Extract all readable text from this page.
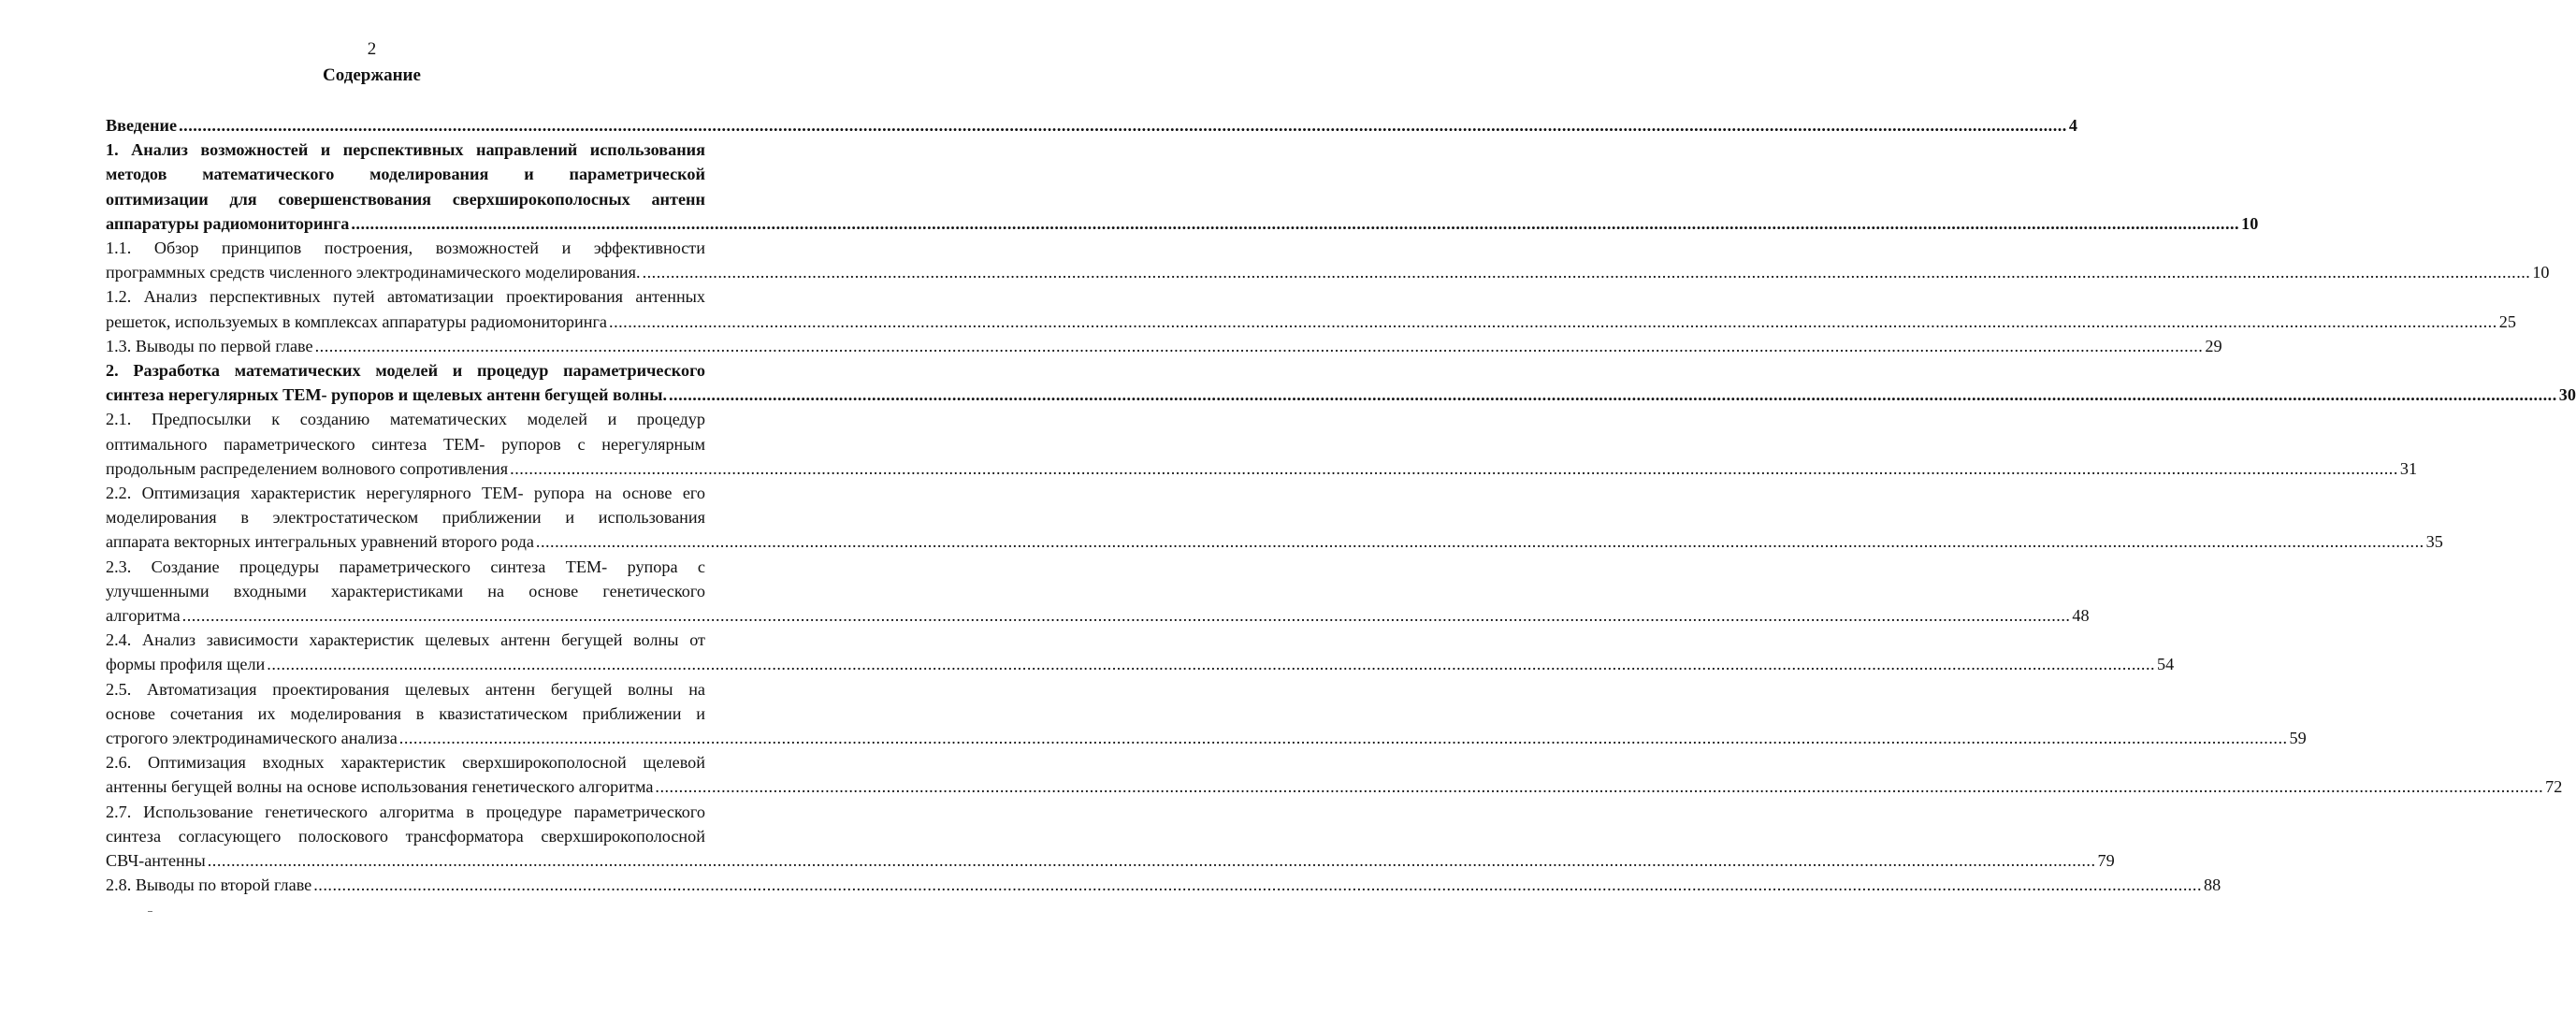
2
Содержание
Введение ................................................................................................................................................................................................................................................................................................................................................................................................................ 4
1. Анализ возможностей и перспективных направлений использования
методов математического моделирования и параметрической
оптимизации для совершенствования сверхширокополосных антенн
аппаратуры радиомониторинга ................................................................................................................................................................................................................................................................................................................................................................................................................ 10
1.1. Обзор принципов построения, возможностей и эффективности
программных средств численного электродинамического моделирования. ................................................................................................................................................................................................................................................................................................................................................................................................................ 10
1.2. Анализ перспективных путей автоматизации проектирования антенных
решеток, используемых в комплексах аппаратуры радиомониторинга ................................................................................................................................................................................................................................................................................................................................................................................................................ 25
1.3. Выводы по первой главе ................................................................................................................................................................................................................................................................................................................................................................................................................ 29
2. Разработка математических моделей и процедур параметрического
синтеза нерегулярных ТЕМ- рупоров и щелевых антенн бегущей волны. ................................................................................................................................................................................................................................................................................................................................................................................................................ 30
2.1. Предпосылки к созданию математических моделей и процедур
оптимального параметрического синтеза ТЕМ- рупоров с нерегулярным
продольным распределением волнового сопротивления ................................................................................................................................................................................................................................................................................................................................................................................................................ 31
2.2. Оптимизация характеристик нерегулярного ТЕМ- рупора на основе его
моделирования в электростатическом приближении и использования
аппарата векторных интегральных уравнений второго рода ................................................................................................................................................................................................................................................................................................................................................................................................................ 35
2.3. Создание процедуры параметрического синтеза ТЕМ- рупора с
улучшенными входными характеристиками на основе генетического
алгоритма ................................................................................................................................................................................................................................................................................................................................................................................................................ 48
2.4. Анализ зависимости характеристик щелевых антенн бегущей волны от
формы профиля щели ................................................................................................................................................................................................................................................................................................................................................................................................................ 54
2.5. Автоматизация проектирования щелевых антенн бегущей волны на
основе сочетания их моделирования в квазистатическом приближении и
строгого электродинамического анализа ................................................................................................................................................................................................................................................................................................................................................................................................................ 59
2.6. Оптимизация входных характеристик сверхширокополосной щелевой
антенны бегущей волны на основе использования генетического алгоритма ................................................................................................................................................................................................................................................................................................................................................................................................................ 72
2.7. Использование генетического алгоритма в процедуре параметрического
синтеза согласующего полоскового трансформатора сверхширокополосной
СВЧ-антенны ................................................................................................................................................................................................................................................................................................................................................................................................................ 79
2.8. Выводы по второй главе ................................................................................................................................................................................................................................................................................................................................................................................................................ 88
